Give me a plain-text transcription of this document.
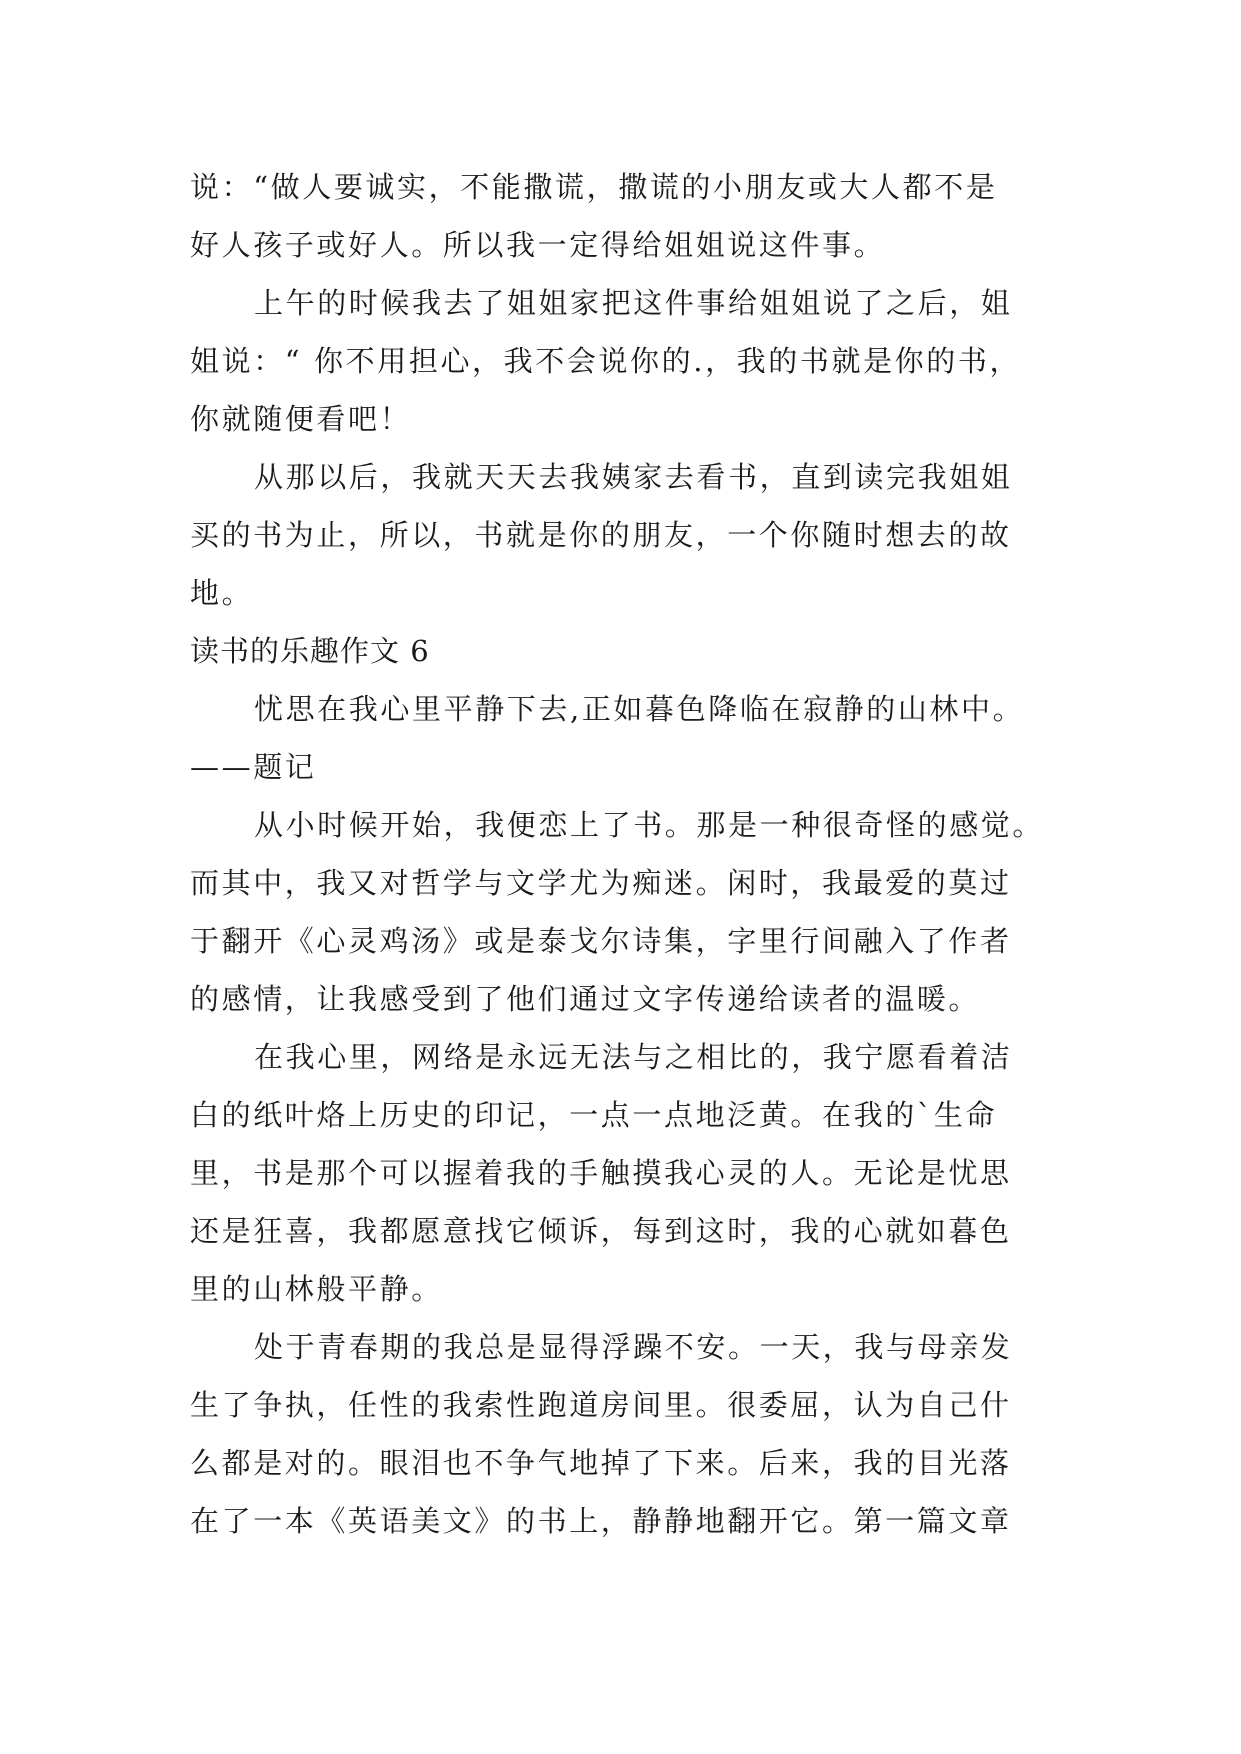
说：“做人要诚实，不能撒谎，撒谎的小朋友或大人都不是
好人孩子或好人。所以我一定得给姐姐说这件事。
上午的时候我去了姐姐家把这件事给姐姐说了之后，姐
姐说：“ 你不用担心，我不会说你的.，我的书就是你的书，
你就随便看吧！
从那以后，我就天天去我姨家去看书，直到读完我姐姐
买的书为止，所以，书就是你的朋友，一个你随时想去的故
地。
读书的乐趣作文 6
忧思在我心里平静下去,正如暮色降临在寂静的山林中。
——题记
从小时候开始，我便恋上了书。那是一种很奇怪的感觉。
而其中，我又对哲学与文学尤为痴迷。闲时，我最爱的莫过
于翻开《心灵鸡汤》或是泰戈尔诗集，字里行间融入了作者
的感情，让我感受到了他们通过文字传递给读者的温暖。
在我心里，网络是永远无法与之相比的，我宁愿看着洁
白的纸叶烙上历史的印记，一点一点地泛黄。在我的`生命
里，书是那个可以握着我的手触摸我心灵的人。无论是忧思
还是狂喜，我都愿意找它倾诉，每到这时，我的心就如暮色
里的山林般平静。
处于青春期的我总是显得浮躁不安。一天，我与母亲发
生了争执，任性的我索性跑道房间里。很委屈，认为自己什
么都是对的。眼泪也不争气地掉了下来。后来，我的目光落
在了一本《英语美文》的书上，静静地翻开它。第一篇文章
